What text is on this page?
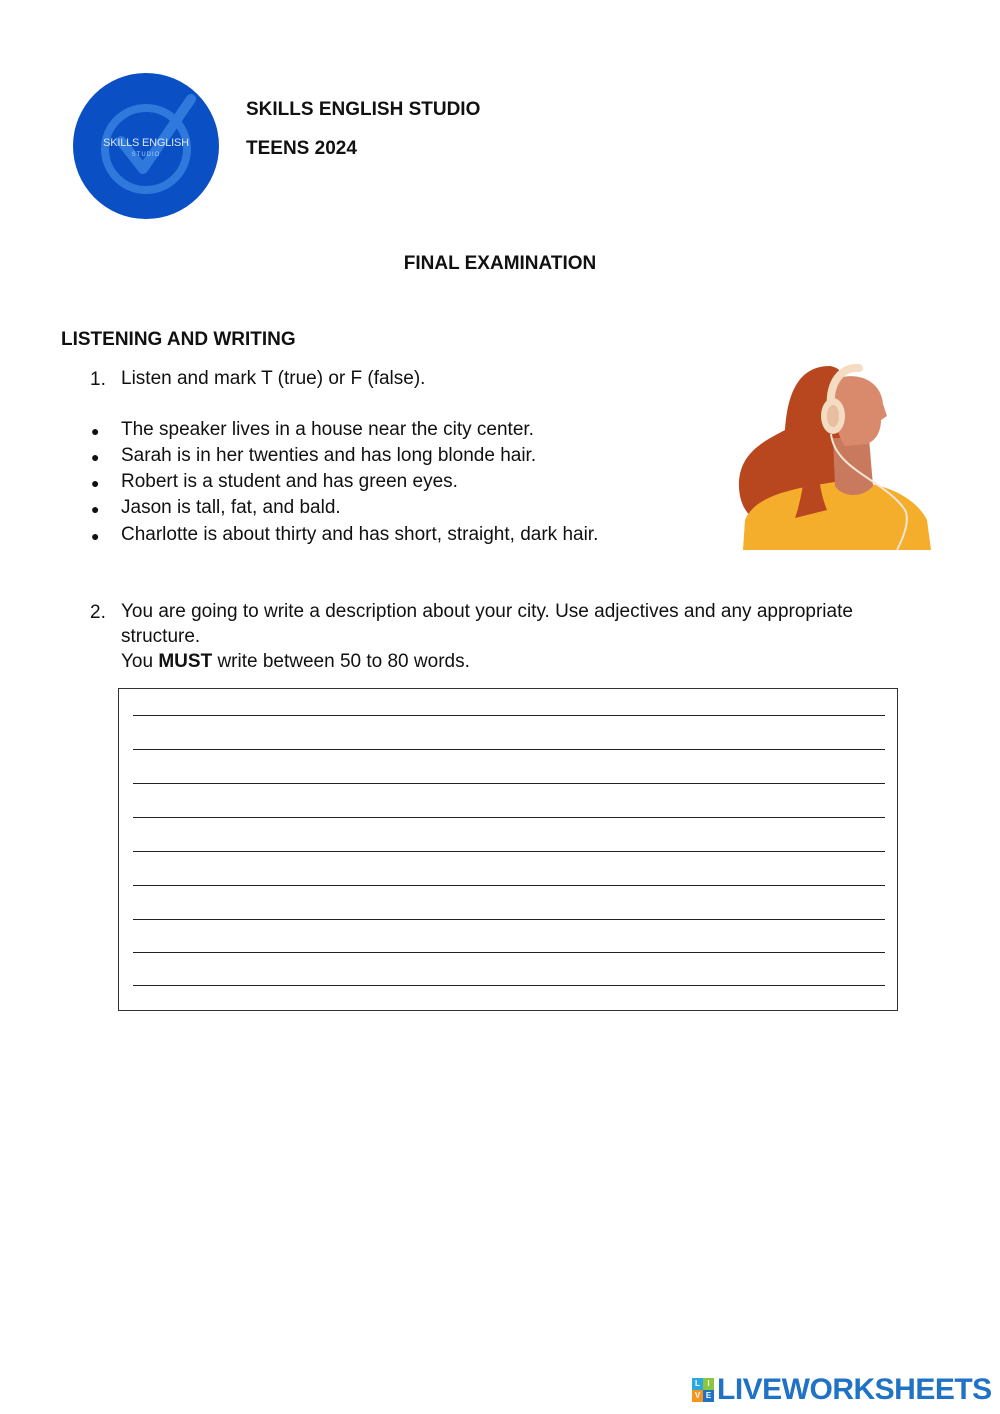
SKILLS ENGLISH
STUDIO
SKILLS ENGLISH STUDIO
TEENS 2024
FINAL EXAMINATION
LISTENING AND WRITING
1. Listen and mark T (true) or F (false).
● The speaker lives in a house near the city center.
● Sarah is in her twenties and has long blonde hair.
● Robert is a student and has green eyes.
● Jason is tall, fat, and bald.
● Charlotte is about thirty and has short, straight, dark hair.
2. You are going to write a description about your city. Use adjectives and any appropriate
structure.
You MUST write between 50 to 80 words.
L I
V E LIVEWORKSHEETS
